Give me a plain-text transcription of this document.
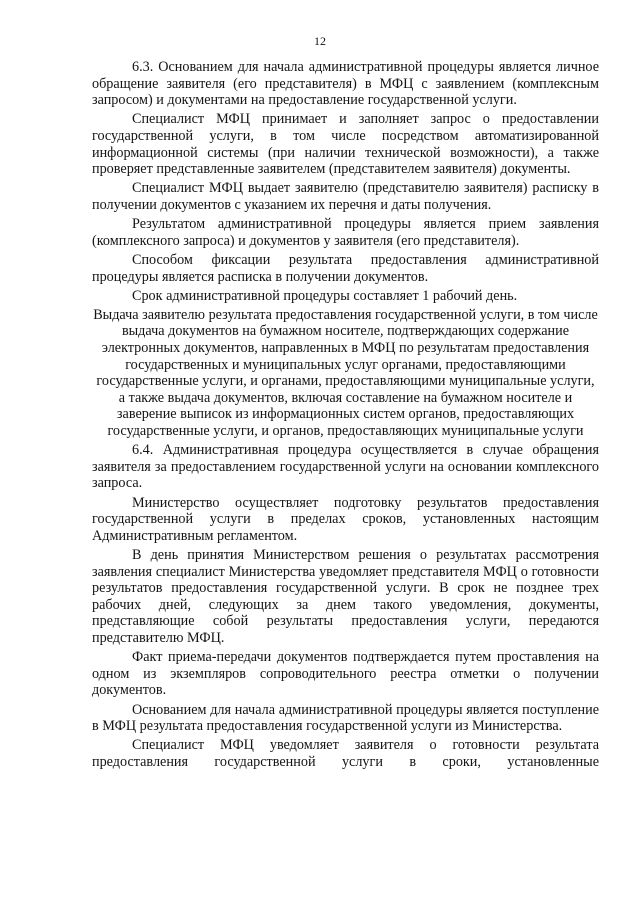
12

6.3. Основанием для начала административной процедуры является личное обращение заявителя (его представителя) в МФЦ с заявлением (комплексным запросом) и документами на предоставление государственной услуги.

Специалист МФЦ принимает и заполняет запрос о предоставлении государственной услуги, в том числе посредством автоматизированной информационной системы (при наличии технической возможности), а также проверяет представленные заявителем (представителем заявителя) документы.

Специалист МФЦ выдает заявителю (представителю заявителя) расписку в получении документов с указанием их перечня и даты получения.

Результатом административной процедуры является прием заявления (комплексного запроса) и документов у заявителя (его представителя).

Способом фиксации результата предоставления административной процедуры является расписка в получении документов.

Срок административной процедуры составляет 1 рабочий день.

Выдача заявителю результата предоставления государственной услуги, в том числе выдача документов на бумажном носителе, подтверждающих содержание электронных документов, направленных в МФЦ по результатам предоставления государственных и муниципальных услуг органами, предоставляющими государственные услуги, и органами, предоставляющими муниципальные услуги, а также выдача документов, включая составление на бумажном носителе и заверение выписок из информационных систем органов, предоставляющих государственные услуги, и органов, предоставляющих муниципальные услуги

6.4. Административная процедура осуществляется в случае обращения заявителя за предоставлением государственной услуги на основании комплексного запроса.

Министерство осуществляет подготовку результатов предоставления государственной услуги в пределах сроков, установленных настоящим Административным регламентом.

В день принятия Министерством решения о результатах рассмотрения заявления специалист Министерства уведомляет представителя МФЦ о готовности результатов предоставления государственной услуги. В срок не позднее трех рабочих дней, следующих за днем такого уведомления, документы, представляющие собой результаты предоставления услуги, передаются представителю МФЦ.

Факт приема-передачи документов подтверждается путем проставления на одном из экземпляров сопроводительного реестра отметки о получении документов.

Основанием для начала административной процедуры является поступление в МФЦ результата предоставления государственной услуги из Министерства.

Специалист МФЦ уведомляет заявителя о готовности результата предоставления государственной услуги в сроки, установленные
